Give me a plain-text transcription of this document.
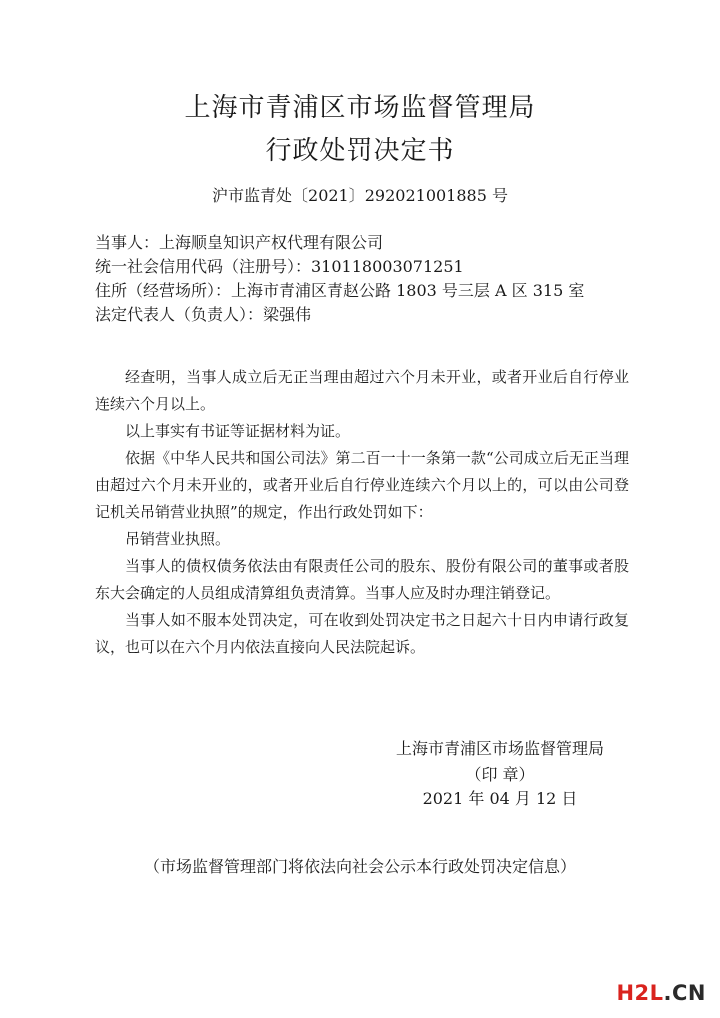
上海市青浦区市场监督管理局
行政处罚决定书
沪市监青处〔2021〕292021001885 号
当事人：上海顺皇知识产权代理有限公司
统一社会信用代码（注册号）：310118003071251
住所（经营场所）：上海市青浦区青赵公路 1803 号三层 A 区 315 室
法定代表人（负责人）：梁强伟

经查明，当事人成立后无正当理由超过六个月未开业，或者开业后自行停业连续六个月以上。

以上事实有书证等证据材料为证。

依据《中华人民共和国公司法》第二百一十一条第一款“公司成立后无正当理由超过六个月未开业的，或者开业后自行停业连续六个月以上的，可以由公司登记机关吊销营业执照”的规定，作出行政处罚如下：

吊销营业执照。

当事人的债权债务依法由有限责任公司的股东、股份有限公司的董事或者股东大会确定的人员组成清算组负责清算。当事人应及时办理注销登记。

当事人如不服本处罚决定，可在收到处罚决定书之日起六十日内申请行政复议，也可以在六个月内依法直接向人民法院起诉。

上海市青浦区市场监督管理局
（印 章）
2021 年 04 月 12 日
（市场监督管理部门将依法向社会公示本行政处罚决定信息）
H2L.CN
